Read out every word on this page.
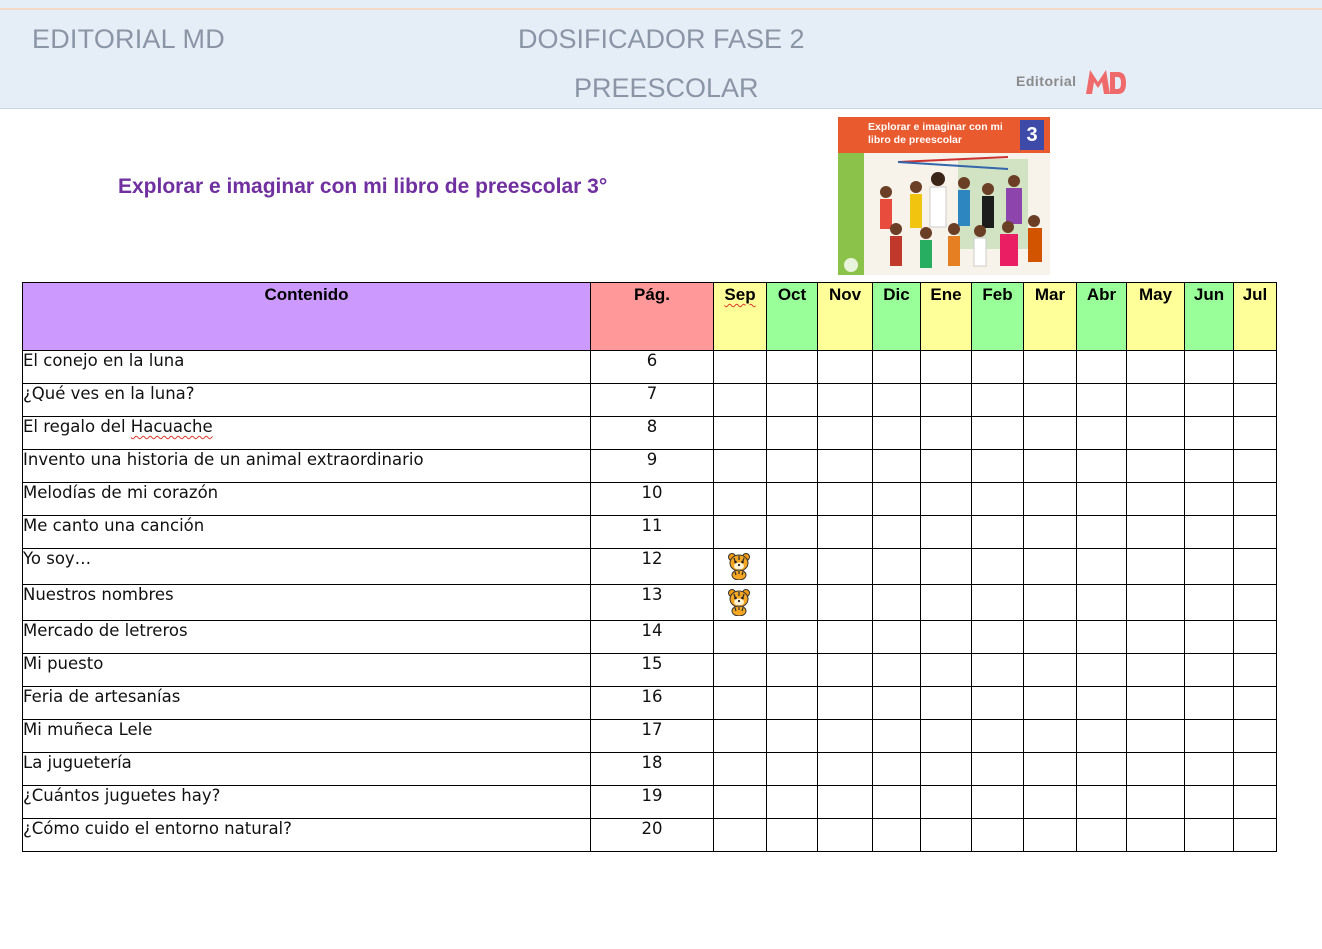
EDITORIAL MD	DOSIFICADOR FASE 2
PREESCOLAR	Editorial
Explorar e imaginar con mi libro de preescolar 3°
Explorar e imaginar con mi libro de preescolar	3
Contenido	Pág.	Sep	Oct	Nov	Dic	Ene	Feb	Mar	Abr	May	Jun	Jul
El conejo en la luna	6											
¿Qué ves en la luna?	7											
El regalo del Hacuache	8											
Invento una historia de un animal extraordinario	9											
Melodías de mi corazón	10											
Me canto una canción	11											
Yo soy…	12											
Nuestros nombres	13											
Mercado de letreros	14											
Mi puesto	15											
Feria de artesanías	16											
Mi muñeca Lele	17											
La juguetería	18											
¿Cuántos juguetes hay?	19											
¿Cómo cuido el entorno natural?	20											
